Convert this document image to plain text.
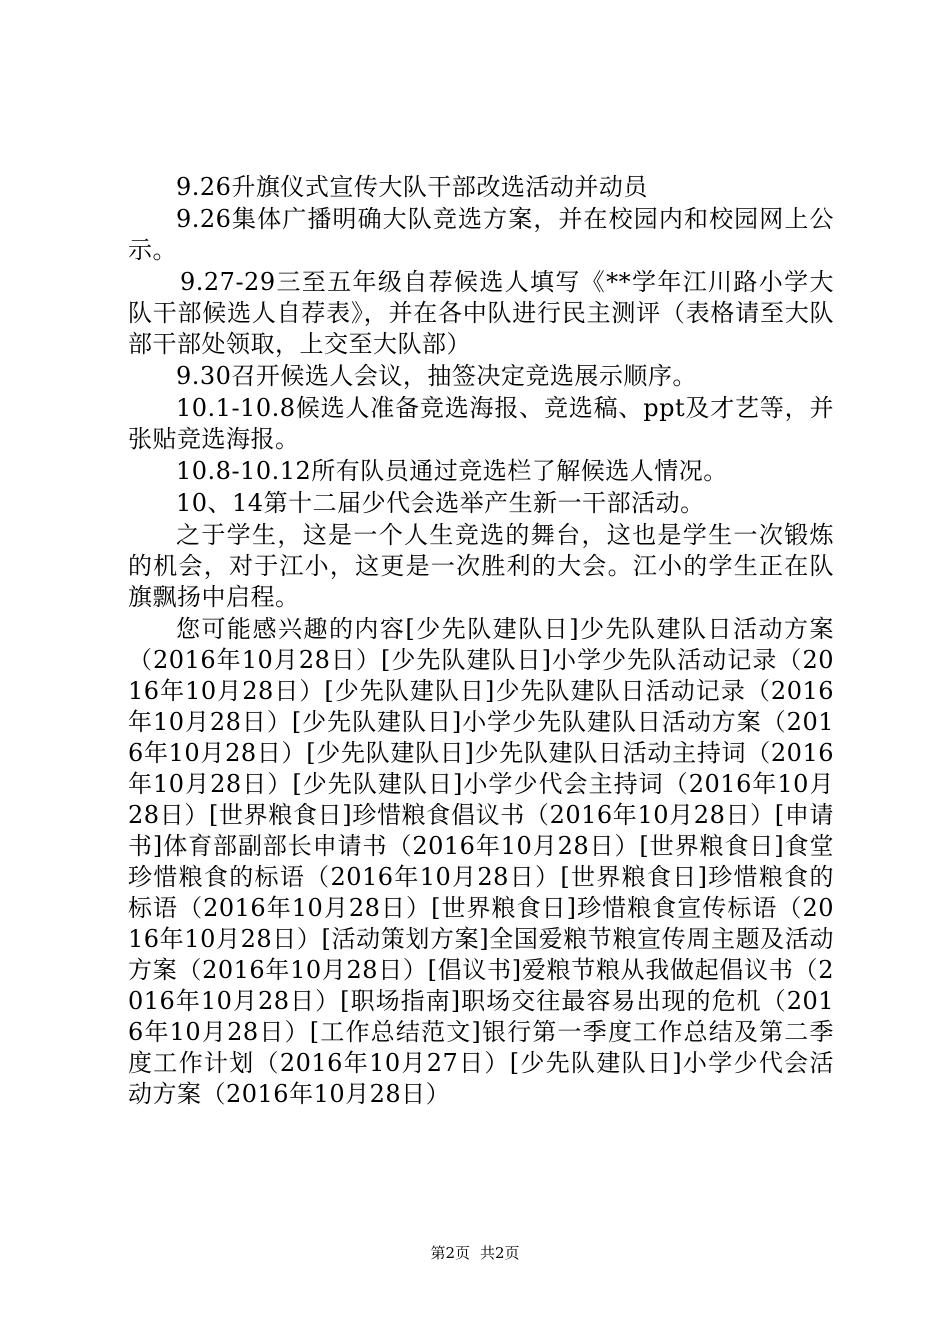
9.26升旗仪式宣传大队干部改选活动并动员

9.26集体广播明确大队竞选方案，并在校园内和校园网上公示。

9.27-29三至五年级自荐候选人填写《**学年江川路小学大队干部候选人自荐表》，并在各中队进行民主测评（表格请至大队部干部处领取，上交至大队部）

9.30召开候选人会议，抽签决定竞选展示顺序。

10.1-10.8候选人准备竞选海报、竞选稿、ppt及才艺等，并张贴竞选海报。

10.8-10.12所有队员通过竞选栏了解候选人情况。

10、14第十二届少代会选举产生新一干部活动。

之于学生，这是一个人生竞选的舞台，这也是学生一次锻炼的机会，对于江小，这更是一次胜利的大会。江小的学生正在队旗飘扬中启程。

您可能感兴趣的内容[少先队建队日]少先队建队日活动方案（2016年10月28日）[少先队建队日]小学少先队活动记录（2016年10月28日）[少先队建队日]少先队建队日活动记录（2016年10月28日）[少先队建队日]小学少先队建队日活动方案（2016年10月28日）[少先队建队日]少先队建队日活动主持词（2016年10月28日）[少先队建队日]小学少代会主持词（2016年10月28日）[世界粮食日]珍惜粮食倡议书（2016年10月28日）[申请书]体育部副部长申请书（2016年10月28日）[世界粮食日]食堂珍惜粮食的标语（2016年10月28日）[世界粮食日]珍惜粮食的标语（2016年10月28日）[世界粮食日]珍惜粮食宣传标语（2016年10月28日）[活动策划方案]全国爱粮节粮宣传周主题及活动方案（2016年10月28日）[倡议书]爱粮节粮从我做起倡议书（2016年10月28日）[职场指南]职场交往最容易出现的危机（2016年10月28日）[工作总结范文]银行第一季度工作总结及第二季度工作计划（2016年10月27日）[少先队建队日]小学少代会活动方案（2016年10月28日）

第2页 共2页
